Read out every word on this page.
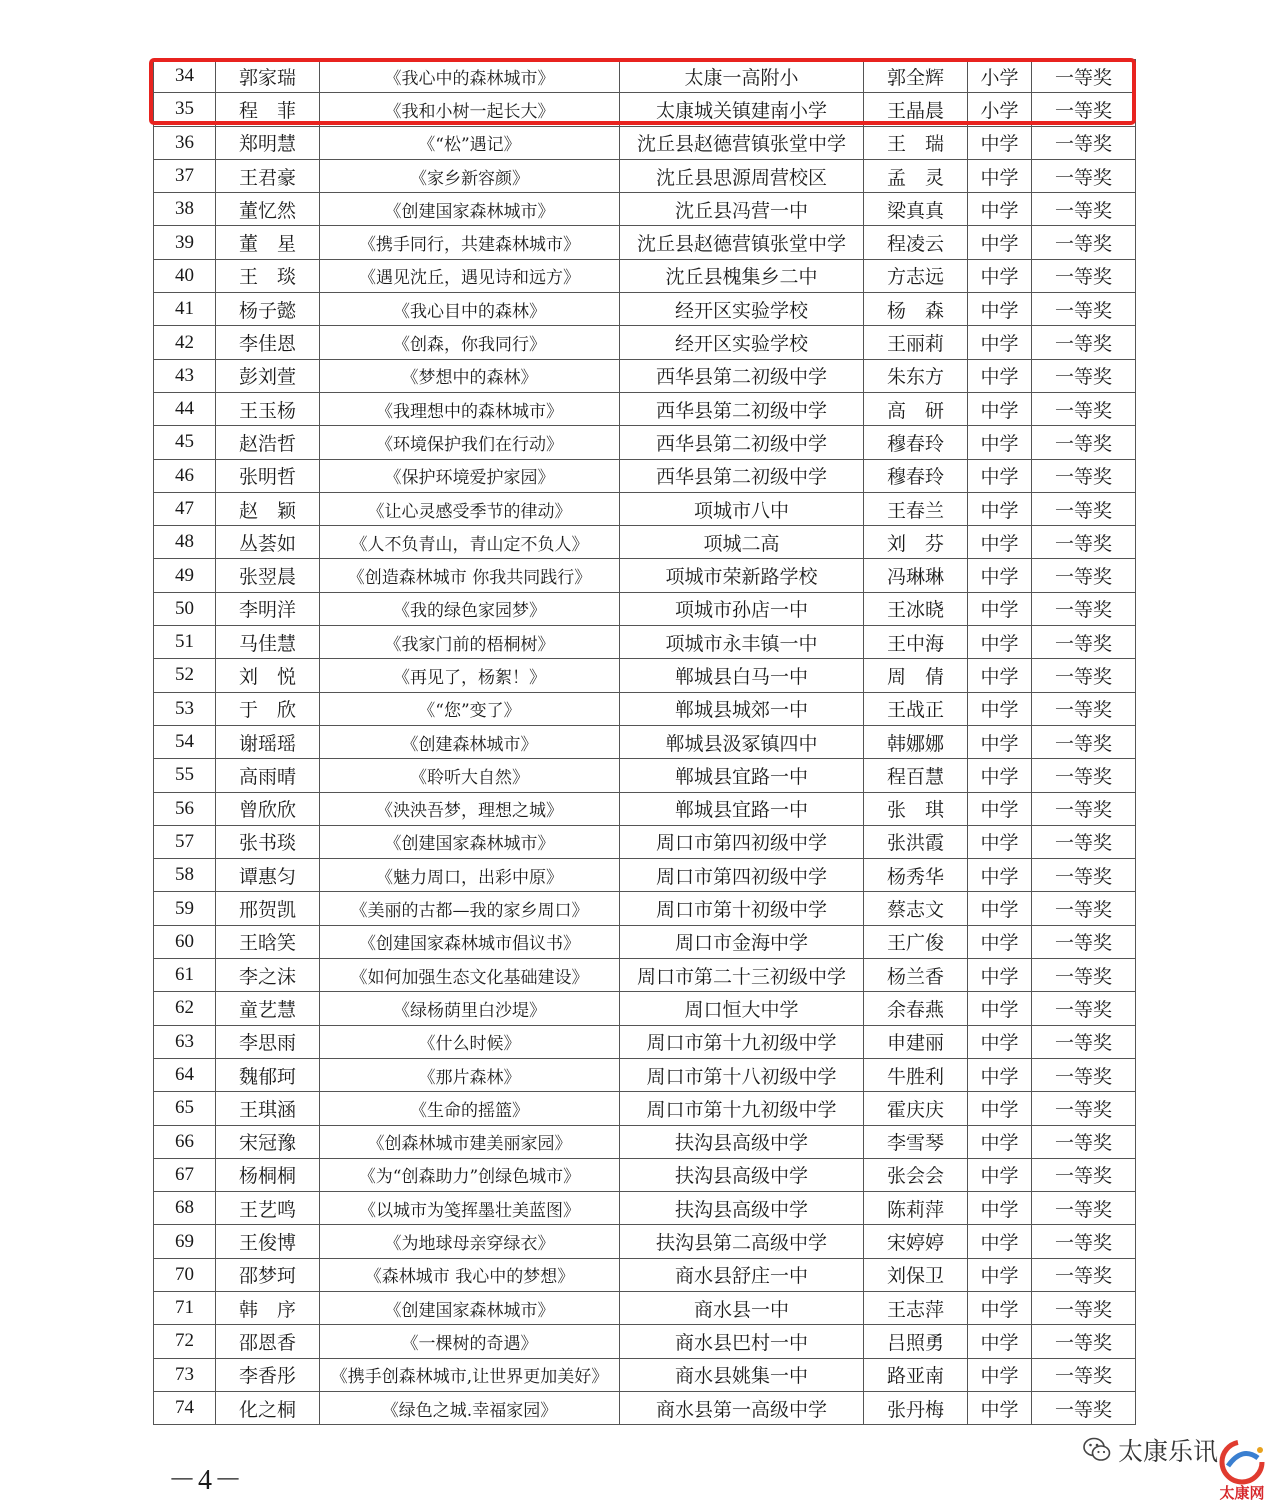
34	郭家瑞	《我心中的森林城市》	太康一高附小	郭全辉	小学	一等奖
35	程　菲	《我和小树一起长大》	太康城关镇建南小学	王晶晨	小学	一等奖
36	郑明慧	《“松”遇记》	沈丘县赵德营镇张堂中学	王　瑞	中学	一等奖
37	王君豪	《家乡新容颜》	沈丘县思源周营校区	孟　灵	中学	一等奖
38	董忆然	《创建国家森林城市》	沈丘县冯营一中	梁真真	中学	一等奖
39	董　星	《携手同行，共建森林城市》	沈丘县赵德营镇张堂中学	程凌云	中学	一等奖
40	王　琰	《遇见沈丘，遇见诗和远方》	沈丘县槐集乡二中	方志远	中学	一等奖
41	杨子懿	《我心目中的森林》	经开区实验学校	杨　森	中学	一等奖
42	李佳恩	《创森，你我同行》	经开区实验学校	王丽莉	中学	一等奖
43	彭刘萱	《梦想中的森林》	西华县第二初级中学	朱东方	中学	一等奖
44	王玉杨	《我理想中的森林城市》	西华县第二初级中学	高　研	中学	一等奖
45	赵浩哲	《环境保护我们在行动》	西华县第二初级中学	穆春玲	中学	一等奖
46	张明哲	《保护环境爱护家园》	西华县第二初级中学	穆春玲	中学	一等奖
47	赵　颖	《让心灵感受季节的律动》	项城市八中	王春兰	中学	一等奖
48	丛荟如	《人不负青山，青山定不负人》	项城二高	刘　芬	中学	一等奖
49	张翌晨	《创造森林城市 你我共同践行》	项城市荣新路学校	冯琳琳	中学	一等奖
50	李明洋	《我的绿色家园梦》	项城市孙店一中	王冰晓	中学	一等奖
51	马佳慧	《我家门前的梧桐树》	项城市永丰镇一中	王中海	中学	一等奖
52	刘　悦	《再见了，杨絮！》	郸城县白马一中	周　倩	中学	一等奖
53	于　欣	《“您”变了》	郸城县城郊一中	王战正	中学	一等奖
54	谢瑶瑶	《创建森林城市》	郸城县汲冢镇四中	韩娜娜	中学	一等奖
55	高雨晴	《聆听大自然》	郸城县宜路一中	程百慧	中学	一等奖
56	曾欣欣	《泱泱吾梦，理想之城》	郸城县宜路一中	张　琪	中学	一等奖
57	张书琰	《创建国家森林城市》	周口市第四初级中学	张洪霞	中学	一等奖
58	谭惠匀	《魅力周口，出彩中原》	周口市第四初级中学	杨秀华	中学	一等奖
59	邢贺凯	《美丽的古都—我的家乡周口》	周口市第十初级中学	蔡志文	中学	一等奖
60	王晗笑	《创建国家森林城市倡议书》	周口市金海中学	王广俊	中学	一等奖
61	李之沫	《如何加强生态文化基础建设》	周口市第二十三初级中学	杨兰香	中学	一等奖
62	童艺慧	《绿杨荫里白沙堤》	周口恒大中学	余春燕	中学	一等奖
63	李思雨	《什么时候》	周口市第十九初级中学	申建丽	中学	一等奖
64	魏郁珂	《那片森林》	周口市第十八初级中学	牛胜利	中学	一等奖
65	王琪涵	《生命的摇篮》	周口市第十九初级中学	霍庆庆	中学	一等奖
66	宋冠豫	《创森林城市建美丽家园》	扶沟县高级中学	李雪琴	中学	一等奖
67	杨桐桐	《为“创森助力”创绿色城市》	扶沟县高级中学	张会会	中学	一等奖
68	王艺鸣	《以城市为笺挥墨壮美蓝图》	扶沟县高级中学	陈莉萍	中学	一等奖
69	王俊博	《为地球母亲穿绿衣》	扶沟县第二高级中学	宋婷婷	中学	一等奖
70	邵梦珂	《森林城市 我心中的梦想》	商水县舒庄一中	刘保卫	中学	一等奖
71	韩　序	《创建国家森林城市》	商水县一中	王志萍	中学	一等奖
72	邵恩香	《一棵树的奇遇》	商水县巴村一中	吕照勇	中学	一等奖
73	李香彤	《携手创森林城市,让世界更加美好》	商水县姚集一中	路亚南	中学	一等奖
74	化之桐	《绿色之城.幸福家园》	商水县第一高级中学	张丹梅	中学	一等奖
－4－
太康乐讯
太康网
